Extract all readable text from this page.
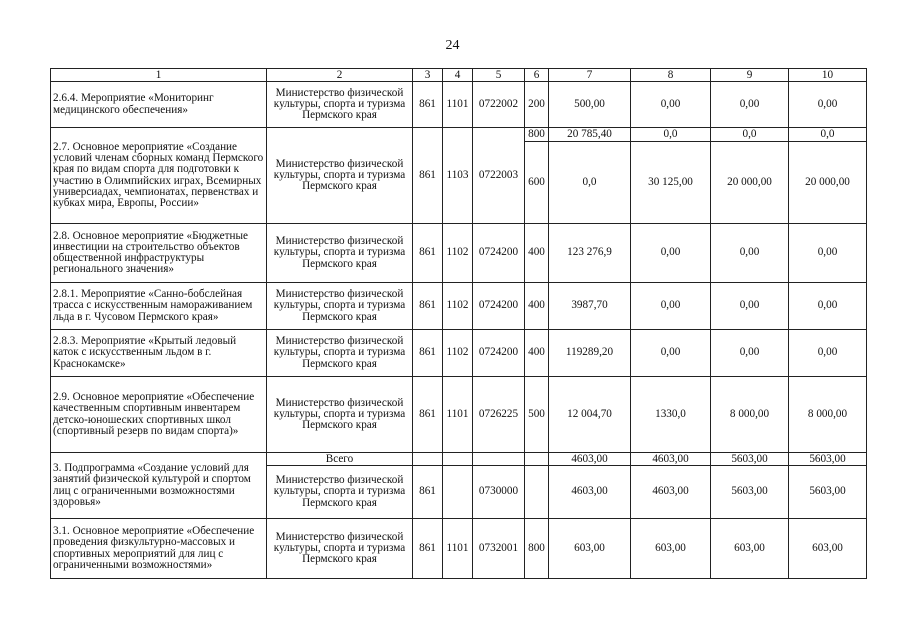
24
1	2	3	4	5	6	7	8	9	10
2.6.4. Мероприятие «Мониторинг медицинского обеспечения»	Министерство физической культуры, спорта и туризма Пермского края	861	1101	0722002	200	500,00	0,00	0,00	0,00
2.7. Основное мероприятие «Создание условий членам сборных команд Пермского края по видам спорта для подготовки к участию в Олимпийских играх, Всемирных универсиадах, чемпионатах, первенствах и кубках мира, Европы, России»	Министерство физической культуры, спорта и туризма Пермского края	861	1103	0722003	800	20 785,40	0,0	0,0	0,0
					600	0,0	30 125,00	20 000,00	20 000,00
2.8. Основное мероприятие «Бюджетные инвестиции на строительство объектов общественной инфраструктуры регионального значения»	Министерство физической культуры, спорта и туризма Пермского края	861	1102	0724200	400	123 276,9	0,00	0,00	0,00
2.8.1. Мероприятие «Санно-бобслейная трасса с искусственным намораживанием льда в г. Чусовом Пермского края»	Министерство физической культуры, спорта и туризма Пермского края	861	1102	0724200	400	3987,70	0,00	0,00	0,00
2.8.3. Мероприятие «Крытый ледовый каток с искусственным льдом в г. Краснокамске»	Министерство физической культуры, спорта и туризма Пермского края	861	1102	0724200	400	119289,20	0,00	0,00	0,00
2.9. Основное мероприятие «Обеспечение качественным спортивным инвентарем детско-юношеских спортивных школ (спортивный резерв по видам спорта)»	Министерство физической культуры, спорта и туризма Пермского края	861	1101	0726225	500	12 004,70	1330,0	8 000,00	8 000,00
3. Подпрограмма «Создание условий для занятий физической культурой и спортом лиц с ограниченными возможностями здоровья»	Всего					4603,00	4603,00	5603,00	5603,00
	Министерство физической культуры, спорта и туризма Пермского края	861		0730000		4603,00	4603,00	5603,00	5603,00
3.1. Основное мероприятие «Обеспечение проведения физкультурно-массовых и спортивных мероприятий для лиц с ограниченными возможностями»	Министерство физической культуры, спорта и туризма Пермского края	861	1101	0732001	800	603,00	603,00	603,00	603,00
